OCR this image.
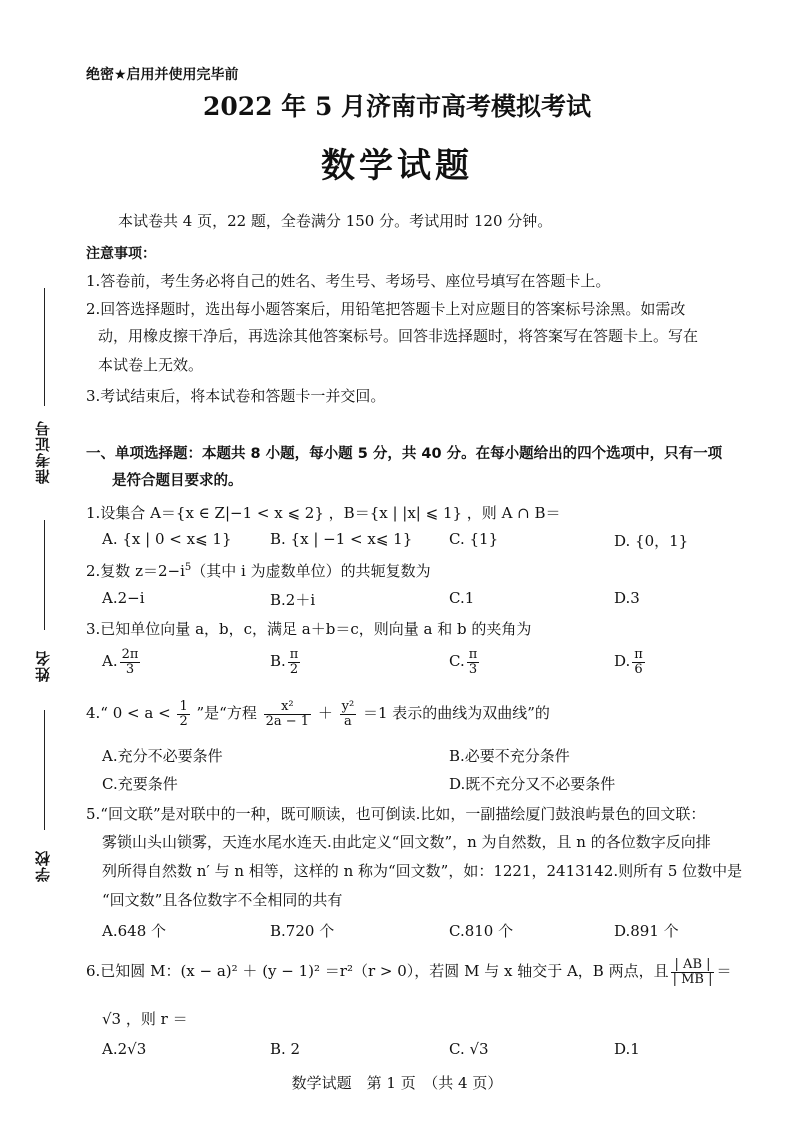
绝密★启用并使用完毕前
2022 年 5 月济南市高考模拟考试
数学试题
本试卷共 4 页，22 题，全卷满分 150 分。考试用时 120 分钟。
注意事项：
1.答卷前，考生务必将自己的姓名、考生号、考场号、座位号填写在答题卡上。
2.回答选择题时，选出每小题答案后，用铅笔把答题卡上对应题目的答案标号涂黑。如需改
动，用橡皮擦干净后，再选涂其他答案标号。回答非选择题时，将答案写在答题卡上。写在
本试卷上无效。
3.考试结束后，将本试卷和答题卡一并交回。
准考证号
姓名
学校
一、单项选择题：本题共 8 小题，每小题 5 分，共 40 分。在每小题给出的四个选项中，只有一项
是符合题目要求的。
1.设集合 A＝{x ∈ Z|−1 < x ⩽ 2} ，B＝{x | |x| ⩽ 1} ，则 A ∩ B＝
A. {x | 0 < x⩽ 1}	B. {x | −1 < x⩽ 1} C. {1}	D. {0，1}
2.复数 $z=2-i^5$（其中 i 为虚数单位）的共轭复数为
A.2−i	B.2＋i	C.1	D.3
3.已知单位向量 a，b，c，满足 a＋b＝c，则向量 a 和 b 的夹角为
A. $\frac{2\pi}{3}$	B. $\frac{\pi}{2}$	C. $\frac{\pi}{3}$	D. $\frac{\pi}{6}$
4.“ $0 < a < \frac{1}{2}$ ”是“方程 $\frac{\text{x²}}{2a - 1} + \frac{\text{y²}}{a} =1$ 表示的曲线为双曲线”的
A.充分不必要条件	B.必要不充分条件
C.充要条件	D.既不充分又不必要条件
5.“回文联”是对联中的一种，既可顺读，也可倒读.比如，一副描绘厦门鼓浪屿景色的回文联：
雾锁山头山锁雾，天连水尾水连天.由此定义“回文数”，n 为自然数，且 n 的各位数字反向排
列所得自然数 n′ 与 n 相等，这样的 n 称为“回文数”，如：1221，2413142.则所有 5 位数中是
“回文数”且各位数字不全相同的共有
A.648 个	B.720 个	C.810 个	D.891 个
6.已知圆 M：(x − a)² ＋ (y − 1)² ＝r²（r > 0），若圆 M 与 x 轴交于 A，B 两点，且 $\frac{| AB |}{| MB |}$ ＝
√3 ，则 r ＝
A.2√3	B. 2	C. √3	D.1
数学试题　第 1 页　（共 4 页）
